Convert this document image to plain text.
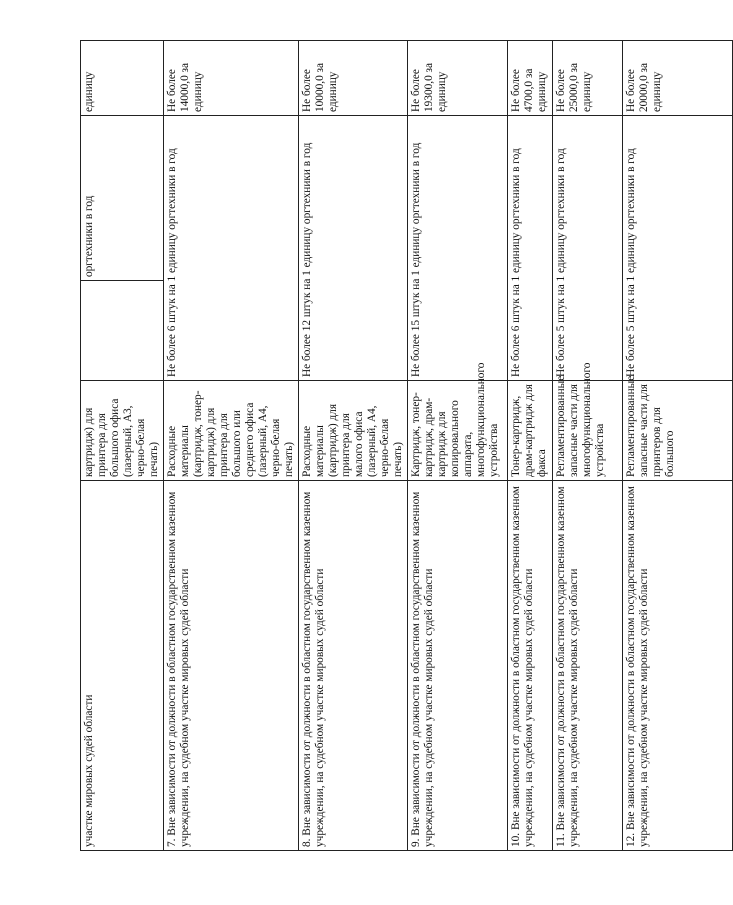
участке мировых судей области	картридж) для принтера для большого офиса (лазерный, А3, черно-белая печать)		оргтехники в год	единицу
7. Вне зависимости от должности в областном государственном казенном учреждении, на судебном участке мировых судей области	Расходные материалы (картридж, тонер-картридж) для принтера для большого или среднего офиса (лазерный, А4, черно-белая печать)	Не более 6 штук на 1 единицу оргтехники в год		Не более 14000,0 за единицу
8. Вне зависимости от должности в областном государственном казенном учреждении, на судебном участке мировых судей области	Расходные материалы (картридж) для принтера для малого офиса (лазерный, А4, черно-белая печать)	Не более 12 штук на 1 единицу оргтехники в год		Не более 10000,0 за единицу
9. Вне зависимости от должности в областном государственном казенном учреждении, на судебном участке мировых судей области	Картридж, тонер-картридж, драм-картридж для копировального аппарата, многофункционального устройства	Не более 15 штук на 1 единицу оргтехники в год		Не более 19300,0 за единицу
10. Вне зависимости от должности в областном государственном казенном учреждении, на судебном участке мировых судей области	Тонер-картридж, драм-картридж для факса	Не более 6 штук на 1 единицу оргтехники в год		Не более 4700,0 за единицу
11. Вне зависимости от должности в областном государственном казенном учреждении, на судебном участке мировых судей области	Регламентированные запасные части для многофункционального устройства	Не более 5 штук на 1 единицу оргтехники в год		Не более 25000,0 за единицу
12. Вне зависимости от должности в областном государственном казенном учреждении, на судебном участке мировых судей области	Регламентированные запасные части для принтеров для большого	Не более 5 штук на 1 единицу оргтехники в год		Не более 20000,0 за единицу
